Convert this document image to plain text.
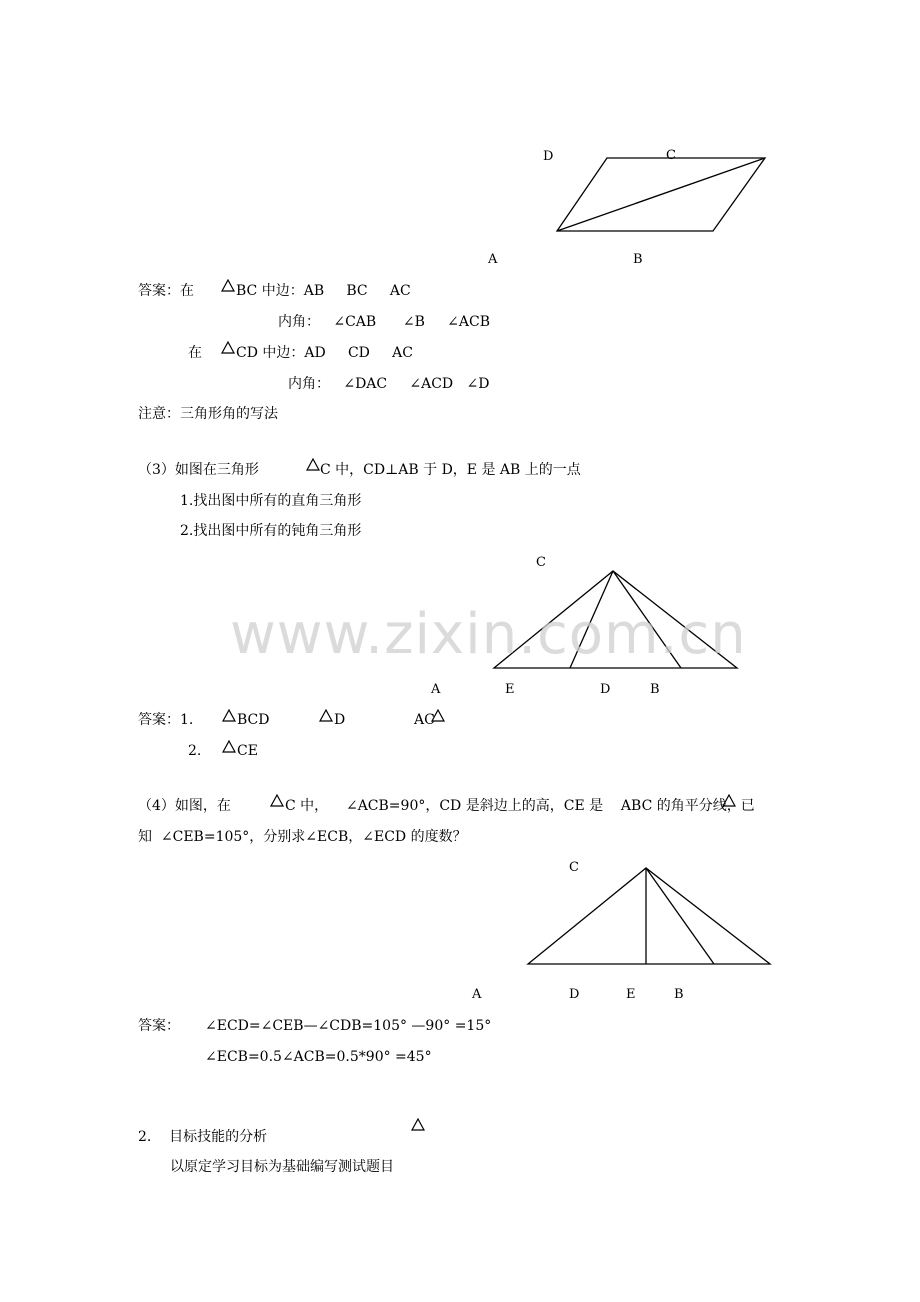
D	C
A	B
答案：在	BC 中边：AB     BC     AC
内角：   ∠CAB      ∠B     ∠ACB
在 CD 中边：AD     CD     AC
内角：   ∠DAC     ∠ACD   ∠D
注意：三角形角的写法
（3）如图在三角形	C 中，CD⊥AB 于 D，E 是 AB 上的一点
1.找出图中所有的直角三角形
2.找出图中所有的钝角三角形
C
A	E	D	B
www.zixin.com.cn
答案：1.	BCD	D	AC
2.	CE
（4）如图，在	C 中，    ∠ACB=90°，CD 是斜边上的高，CE 是    ABC 的角平分线，已
知  ∠CEB=105°，分别求∠ECB，∠ECD 的度数？
C
A	D	E	B
答案： ∠ECD=∠CEB—∠CDB=105° —90° =15°
∠ECB=0.5∠ACB=0.5*90° =45°
2.    目标技能的分析
以原定学习目标为基础编写测试题目
